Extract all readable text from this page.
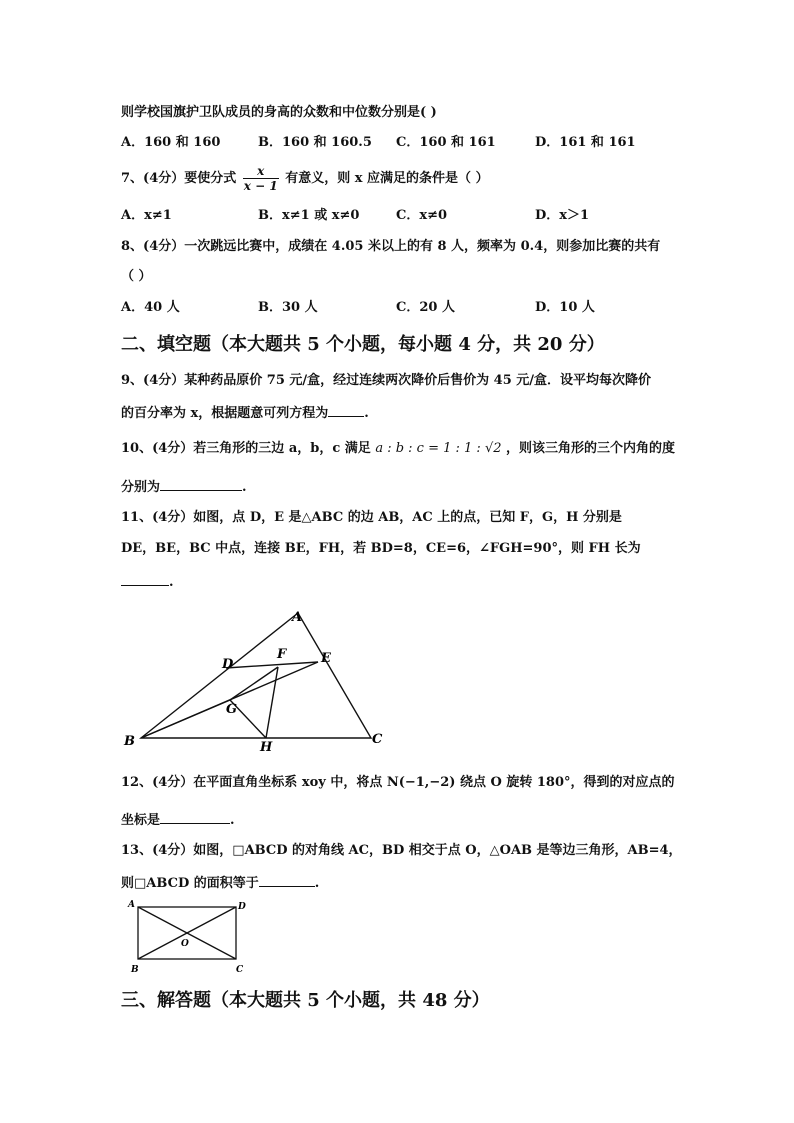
则学校国旗护卫队成员的身高的众数和中位数分别是( )
A．160 和 160	B．160 和 160.5 C．160 和 161	D．161 和 161
7、(4分）要使分式 $\frac{x}{x - 1}$ 有意义，则 x 应满足的条件是（ ）
A．x≠1	B．x≠1 或 x≠0	C．x≠0	D．x＞1
8、(4分）一次跳远比赛中，成绩在 4.05 米以上的有 8 人，频率为 0.4，则参加比赛的共有
（ ）
A．40 人	B．30 人	C．20 人	D．10 人
二、填空题（本大题共 5 个小题，每小题 4 分，共 20 分）
9、(4分）某种药品原价 75 元/盒，经过连续两次降价后售价为 45 元/盒．设平均每次降价
的百分率为 x，根据题意可列方程为	.
10、(4分）若三角形的三边 a，b，c 满足 a : b : c = 1 : 1 : √2 ，则该三角形的三个内角的度
分别为	.
11、(4分）如图，点 D，E 是△ABC 的边 AB，AC 上的点，已知 F，G，H 分别是
DE，BE，BC 中点，连接 BE，FH，若 BD=8，CE=6，∠FGH=90°，则 FH 长为
.
A
B	C
D	E
F
G
H
12、(4分）在平面直角坐标系 xoy 中，将点 N(−1,−2) 绕点 O 旋转 180°，得到的对应点的
坐标是	.
13、(4分）如图，□ABCD 的对角线 AC，BD 相交于点 O，△OAB 是等边三角形，AB=4，
则□ABCD 的面积等于	.
A	D
B	C
O
三、解答题（本大题共 5 个小题，共 48 分）
